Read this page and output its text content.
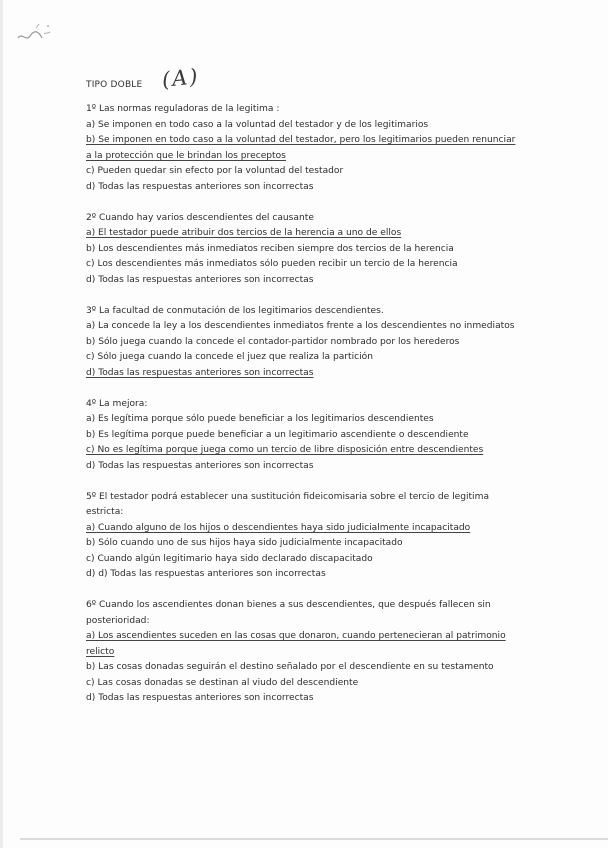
TIPO DOBLE (A)
1º Las normas reguladoras de la legitima :
a) Se imponen en todo caso a la voluntad del testador y de los legitimarios
b) Se imponen en todo caso a la voluntad del testador, pero los legitimarios pueden renunciar
a la protección que le brindan los preceptos
c) Pueden quedar sin efecto por la voluntad del testador
d) Todas las respuestas anteriores son incorrectas
2º Cuando hay varios descendientes del causante
a) El testador puede atribuir dos tercios de la herencia a uno de ellos
b) Los descendientes más inmediatos reciben siempre dos tercios de la herencia
c) Los descendientes más inmediatos sólo pueden recibir un tercio de la herencia
d) Todas las respuestas anteriores son incorrectas
3º La facultad de conmutación de los legitimarios descendientes.
a) La concede la ley a los descendientes inmediatos frente a los descendientes no inmediatos
b) Sólo juega cuando la concede el contador-partidor nombrado por los herederos
c) Sólo juega cuando la concede el juez que realiza la partición
d) Todas las respuestas anteriores son incorrectas
4º La mejora:
a) Es legítima porque sólo puede beneficiar a los legitimarios descendientes
b) Es legítima porque puede beneficiar a un legitimario ascendiente o descendiente
c) No es legítima porque juega como un tercio de libre disposición entre descendientes
d) Todas las respuestas anteriores son incorrectas
5º El testador podrá establecer una sustitución fideicomisaria sobre el tercio de legitima
estricta:
a) Cuando alguno de los hijos o descendientes haya sido judicialmente incapacitado
b) Sólo cuando uno de sus hijos haya sido judicialmente incapacitado
c) Cuando algún legitimario haya sido declarado discapacitado
d) d) Todas las respuestas anteriores son incorrectas
6º Cuando los ascendientes donan bienes a sus descendientes, que después fallecen sin
posterioridad:
a) Los ascendientes suceden en las cosas que donaron, cuando pertenecieran al patrimonio
relicto
b) Las cosas donadas seguirán el destino señalado por el descendiente en su testamento
c) Las cosas donadas se destinan al viudo del descendiente
d) Todas las respuestas anteriores son incorrectas
